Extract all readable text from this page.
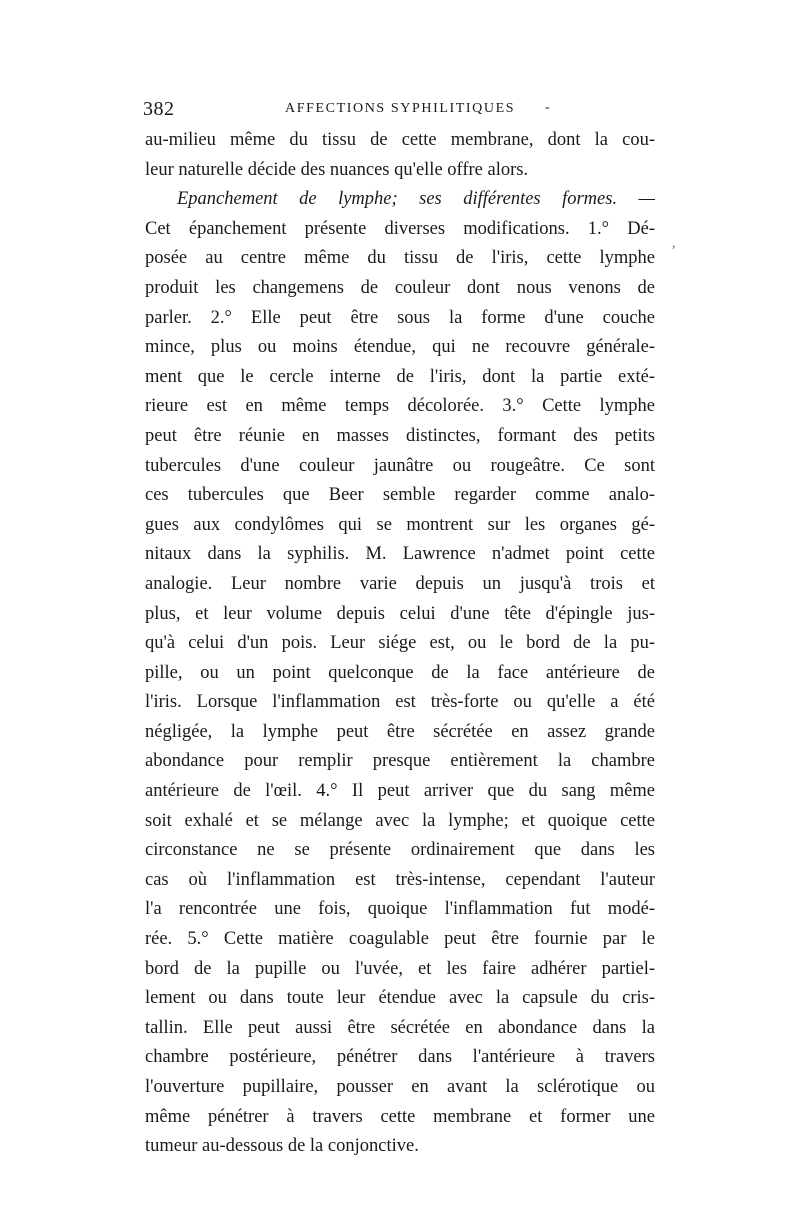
382	AFFECTIONS SYPHILITIQUES -
,
au-milieu même du tissu de cette membrane, dont la cou-
leur naturelle décide des nuances qu'elle offre alors.
Epanchement de lymphe; ses différentes formes. —
Cet épanchement présente diverses modifications. 1.° Dé-
posée au centre même du tissu de l'iris, cette lymphe
produit les changemens de couleur dont nous venons de
parler. 2.° Elle peut être sous la forme d'une couche
mince, plus ou moins étendue, qui ne recouvre générale-
ment que le cercle interne de l'iris, dont la partie exté-
rieure est en même temps décolorée. 3.° Cette lymphe
peut être réunie en masses distinctes, formant des petits
tubercules d'une couleur jaunâtre ou rougeâtre. Ce sont
ces tubercules que Beer semble regarder comme analo-
gues aux condylômes qui se montrent sur les organes gé-
nitaux dans la syphilis. M. Lawrence n'admet point cette
analogie. Leur nombre varie depuis un jusqu'à trois et
plus, et leur volume depuis celui d'une tête d'épingle jus-
qu'à celui d'un pois. Leur siége est, ou le bord de la pu-
pille, ou un point quelconque de la face antérieure de
l'iris. Lorsque l'inflammation est très-forte ou qu'elle a été
négligée, la lymphe peut être sécrétée en assez grande
abondance pour remplir presque entièrement la chambre
antérieure de l'œil. 4.° Il peut arriver que du sang même
soit exhalé et se mélange avec la lymphe; et quoique cette
circonstance ne se présente ordinairement que dans les
cas où l'inflammation est très-intense, cependant l'auteur
l'a rencontrée une fois, quoique l'inflammation fut modé-
rée. 5.° Cette matière coagulable peut être fournie par le
bord de la pupille ou l'uvée, et les faire adhérer partiel-
lement ou dans toute leur étendue avec la capsule du cris-
tallin. Elle peut aussi être sécrétée en abondance dans la
chambre postérieure, pénétrer dans l'antérieure à travers
l'ouverture pupillaire, pousser en avant la sclérotique ou
même pénétrer à travers cette membrane et former une
tumeur au-dessous de la conjonctive.
